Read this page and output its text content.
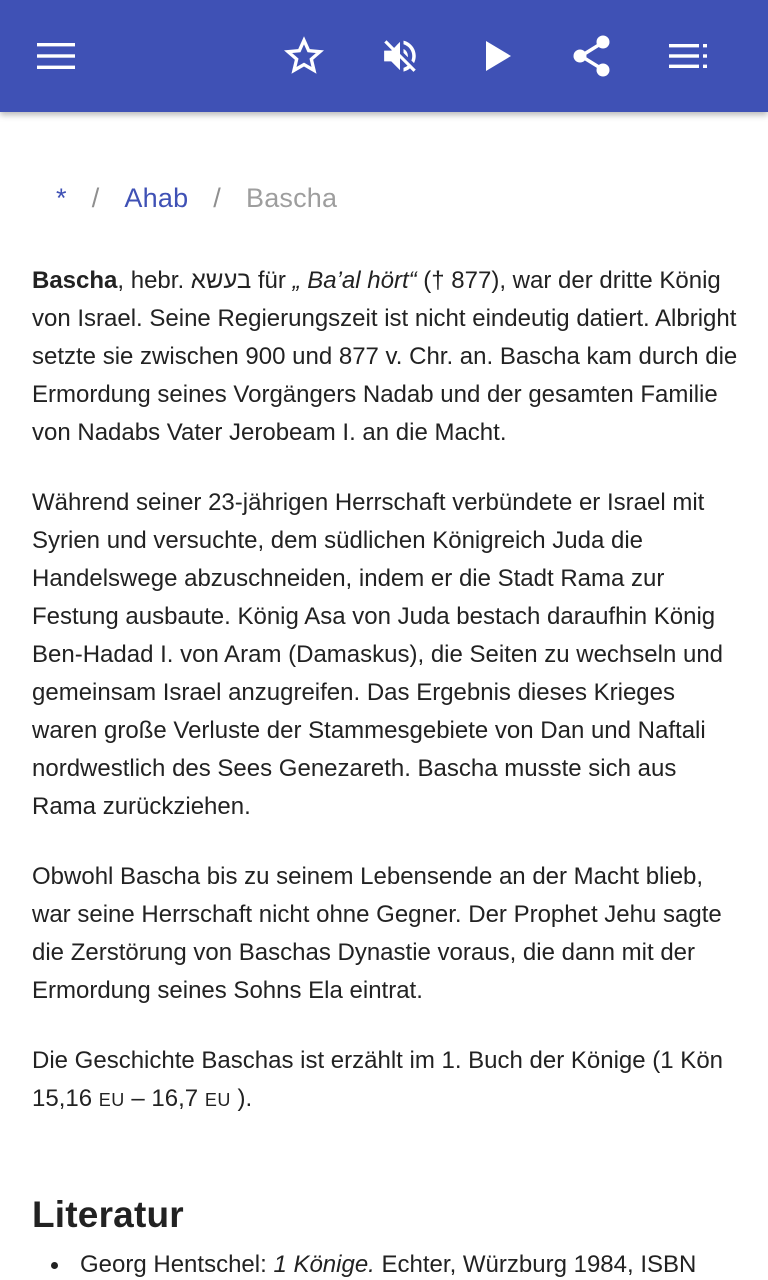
* / Ahab / Bascha

Bascha, hebr. בעשא für „ Ba’al hört“ († 877), war der dritte König von Israel. Seine Regierungszeit ist nicht eindeutig datiert. Albright setzte sie zwischen 900 und 877 v. Chr. an. Bascha kam durch die Ermordung seines Vorgängers Nadab und der gesamten Familie von Nadabs Vater Jerobeam I. an die Macht.

Während seiner 23-jährigen Herrschaft verbündete er Israel mit Syrien und versuchte, dem südlichen Königreich Juda die Handelswege abzuschneiden, indem er die Stadt Rama zur Festung ausbaute. König Asa von Juda bestach daraufhin König Ben-Hadad I. von Aram (Damaskus), die Seiten zu wechseln und gemeinsam Israel anzugreifen. Das Ergebnis dieses Krieges waren große Verluste der Stammesgebiete von Dan und Naftali nordwestlich des Sees Genezareth. Bascha musste sich aus Rama zurückziehen.

Obwohl Bascha bis zu seinem Lebensende an der Macht blieb, war seine Herrschaft nicht ohne Gegner. Der Prophet Jehu sagte die Zerstörung von Baschas Dynastie voraus, die dann mit der Ermordung seines Sohns Ela eintrat.

Die Geschichte Baschas ist erzählt im 1. Buch der Könige (1 Kön 15,16 EU – 16,7 EU ).

Literatur
Georg Hentschel: 1 Könige. Echter, Würzburg 1984, ISBN
